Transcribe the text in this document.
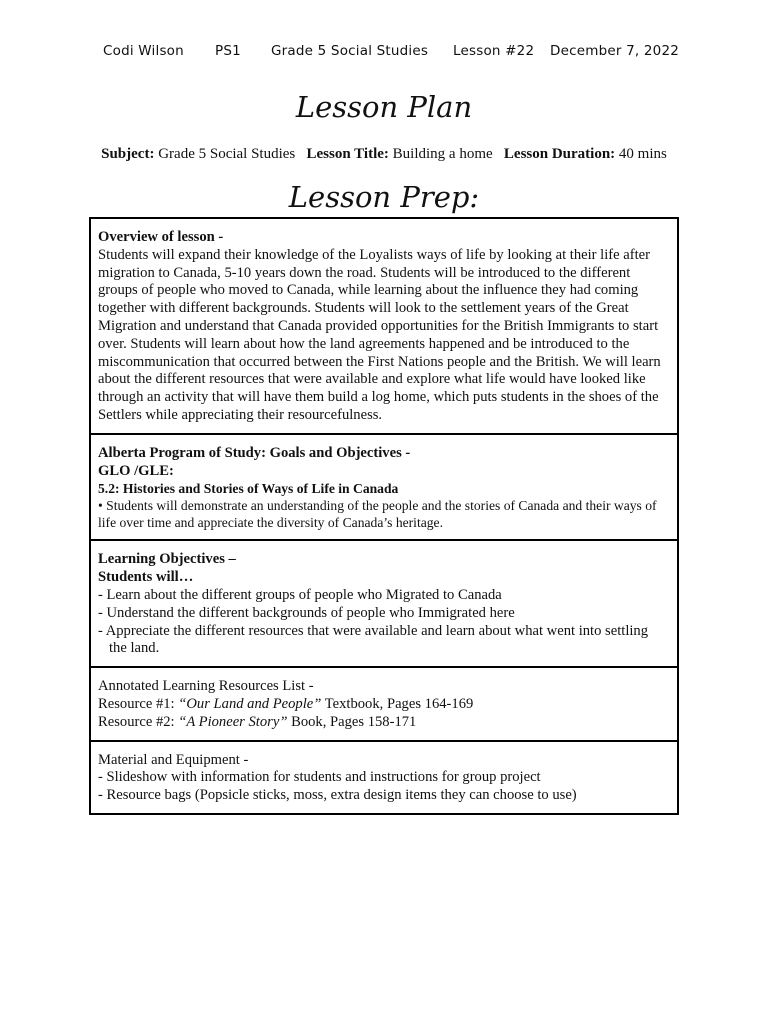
Codi Wilson PS1 Grade 5 Social Studies Lesson #22 December 7, 2022
Lesson Plan
Subject: Grade 5 Social Studies Lesson Title: Building a home Lesson Duration: 40 mins
Lesson Prep:
Overview of lesson -
Students will expand their knowledge of the Loyalists ways of life by looking at their life after migration to Canada, 5-10 years down the road. Students will be introduced to the different groups of people who moved to Canada, while learning about the influence they had coming together with different backgrounds. Students will look to the settlement years of the Great Migration and understand that Canada provided opportunities for the British Immigrants to start over. Students will learn about how the land agreements happened and be introduced to the miscommunication that occurred between the First Nations people and the British. We will learn about the different resources that were available and explore what life would have looked like through an activity that will have them build a log home, which puts students in the shoes of the Settlers while appreciating their resourcefulness.
Alberta Program of Study: Goals and Objectives -
GLO /GLE:
5.2: Histories and Stories of Ways of Life in Canada
• Students will demonstrate an understanding of the people and the stories of Canada and their ways of life over time and appreciate the diversity of Canada’s heritage.
Learning Objectives –
Students will…
- Learn about the different groups of people who Migrated to Canada
- Understand the different backgrounds of people who Immigrated here
- Appreciate the different resources that were available and learn about what went into settling
the land.
Annotated Learning Resources List -
Resource #1: “Our Land and People” Textbook, Pages 164-169
Resource #2: “A Pioneer Story” Book, Pages 158-171
Material and Equipment -
- Slideshow with information for students and instructions for group project
- Resource bags (Popsicle sticks, moss, extra design items they can choose to use)
